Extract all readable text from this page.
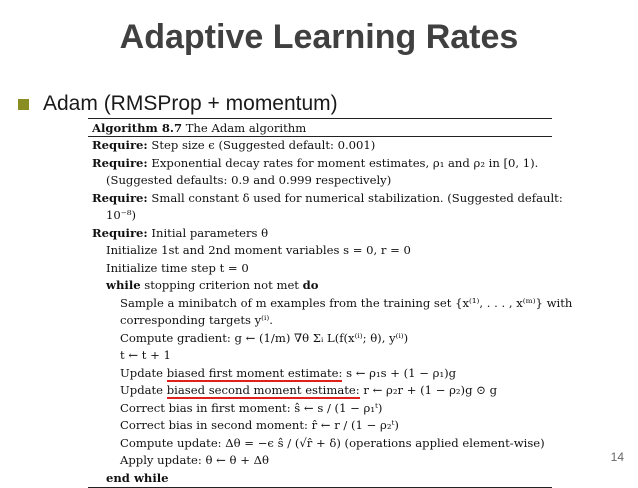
Adaptive Learning Rates
Adam (RMSProp + momentum)
Algorithm 8.7 The Adam algorithm
Require: Step size ϵ (Suggested default: 0.001)
Require: Exponential decay rates for moment estimates, ρ₁ and ρ₂ in [0, 1).
(Suggested defaults: 0.9 and 0.999 respectively)
Require: Small constant δ used for numerical stabilization. (Suggested default:
10⁻⁸)
Require: Initial parameters θ
Initialize 1st and 2nd moment variables s = 0, r = 0
Initialize time step t = 0
while stopping criterion not met do
Sample a minibatch of m examples from the training set {x⁽¹⁾, . . . , x⁽ᵐ⁾} with
corresponding targets y⁽ⁱ⁾.
Compute gradient: g ← (1/m) ∇θ Σᵢ L(f(x⁽ⁱ⁾; θ), y⁽ⁱ⁾)
t ← t + 1
Update biased first moment estimate: s ← ρ₁s + (1 − ρ₁)g
Update biased second moment estimate: r ← ρ₂r + (1 − ρ₂)g ⊙ g
Correct bias in first moment: ŝ ← s / (1 − ρ₁ᵗ)
Correct bias in second moment: r̂ ← r / (1 − ρ₂ᵗ)
Compute update: Δθ = −ϵ ŝ / (√r̂ + δ) (operations applied element-wise)
Apply update: θ ← θ + Δθ
end while
14
